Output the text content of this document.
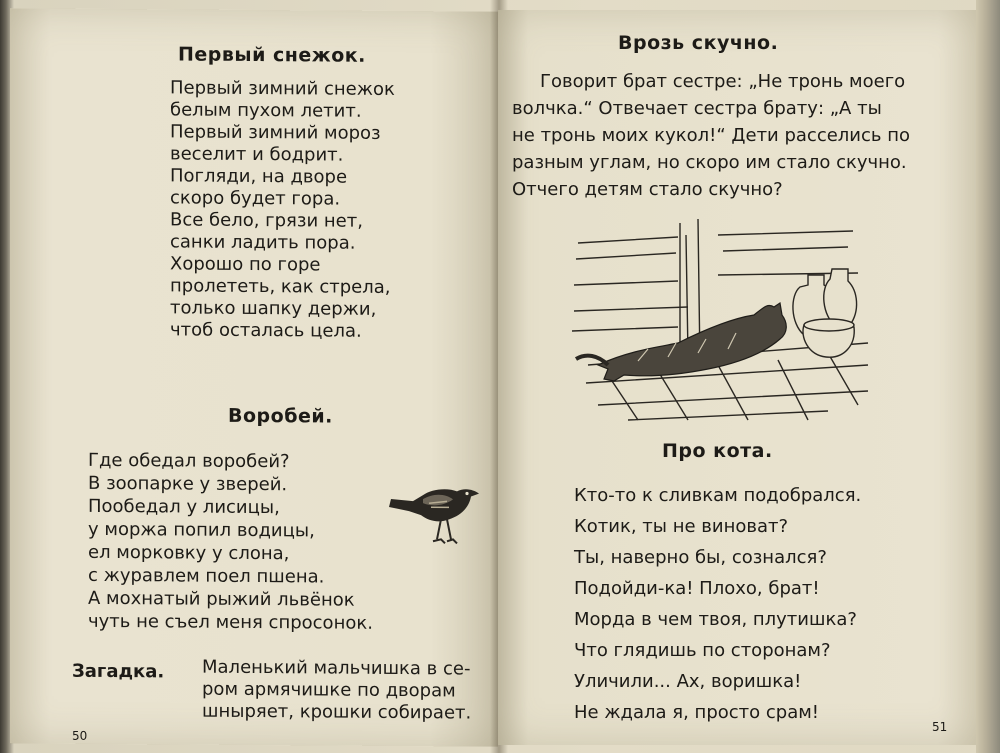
Первый снежок.
Первый зимний снежок
белым пухом летит.
Первый зимний мороз
веселит и бодрит.
Погляди, на дворе
скоро будет гора.
Все бело, грязи нет,
санки ладить пора.
Хорошо по горе
пролететь, как стрела,
только шапку держи,
чтоб осталась цела.
Воробей.
Где обедал воробей?
В зоопарке у зверей.
Пообедал у лисицы,
у моржа попил водицы,
ел морковку у слона,
с журавлем поел пшена.
А мохнатый рыжий львёнок
чуть не съел меня спросонок.
Загадка. Маленький мальчишка в се-
ром армячишке по дворам
шныряет, крошки собирает.
50
Врозь скучно.
Говорит брат сестре: „Не тронь моего
волчка.“ Отвечает сестра брату: „А ты
не тронь моих кукол!“ Дети расселись по
разным углам, но скоро им стало скучно.
Отчего детям стало скучно?
Про кота.
Кто-то к сливкам подобрался.
Котик, ты не виноват?
Ты, наверно бы, сознался?
Подойди-ка! Плохо, брат!
Морда в чем твоя, плутишка?
Что глядишь по сторонам?
Уличили... Ах, воришка!
Не ждала я, просто срам!
51
